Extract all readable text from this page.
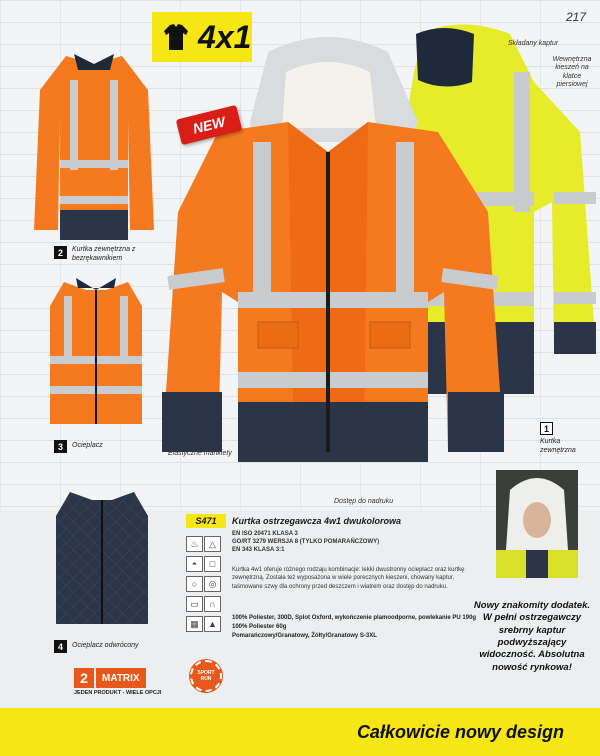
217
4x1	Składany kaptur
Wewnętrzna kieszeń na klatce piersiowej
NEW
Elastyczne mankiety
Dostęp do nadruku
2	Kurtka zewnętrzna z bezrękawnikiem
3	Ocieplacz
4	Ocieplacz odwrócony
1
Kurtka zewnętrzna
S471	Kurtka ostrzegawcza 4w1 dwukolorowa
EN ISO 20471 KLASA 3
GO/RT 3279 WERSJA 8 (TYLKO POMARAŃCZOWY)
EN 343 KLASA 3:1
♨ △ ◓ □ ○ ◎ ▭ ∩ ▦ ▲
Kurtka 4w1 oferuje różnego rodzaju kombinacje: lekki dwustronny ocieplacz oraz kurtkę zewnętrzną. Została też wyposażona w wiele porecznych kieszeni, chowany kaptur, taśmowane szwy dla ochrony przed deszczem i wiatrem oraz dostęp do nadruku.
100% Poliester, 300D, Splot Oxford, wykończenie plamoodporne, powlekanie PU 190g
100% Poliester 60g
Pomarańczowy/Granatowy, Żółty/Granatowy S-3XL
Nowy znakomity dodatek. W pełni ostrzegawczy srebrny kaptur podwyższający widoczność. Absolutna nowość rynkowa!
2	MATRIX
JEDEN PRODUKT - WIELE OPCJI
SPORT RUN
Całkowicie nowy design
